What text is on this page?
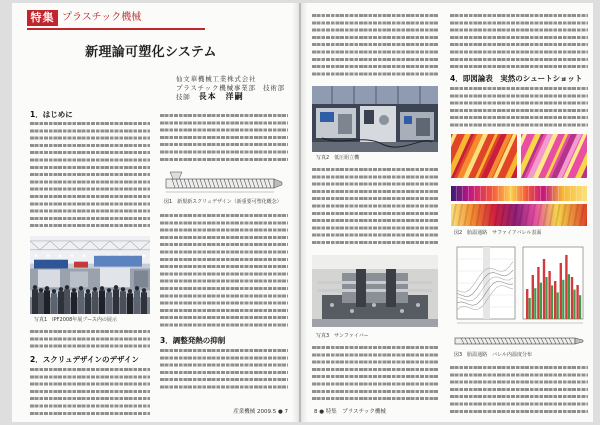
特集 プラスチック機械
新理論可塑化システム
仙文華機械工業株式会社
プラスチック機械事業部　技術部
技師 長本　洋嗣
1．はじめに
写真1　IPF2008年展ブース内の展示
2．スクリュデザインのデザイン
図1　新規新スクリュデザイン（新重要可塑化概念）
3．調整発熱の抑制
産業機械 2009.5 ● 7
写真2　低圧組立機
写真3　サンファイバー
4．即図論表　実然のシュートショット
図2　胎温通路　サファイアバレル表面
図3　胎温通路　バレル内温度分布
8 ● 特集　プラスチック機械
